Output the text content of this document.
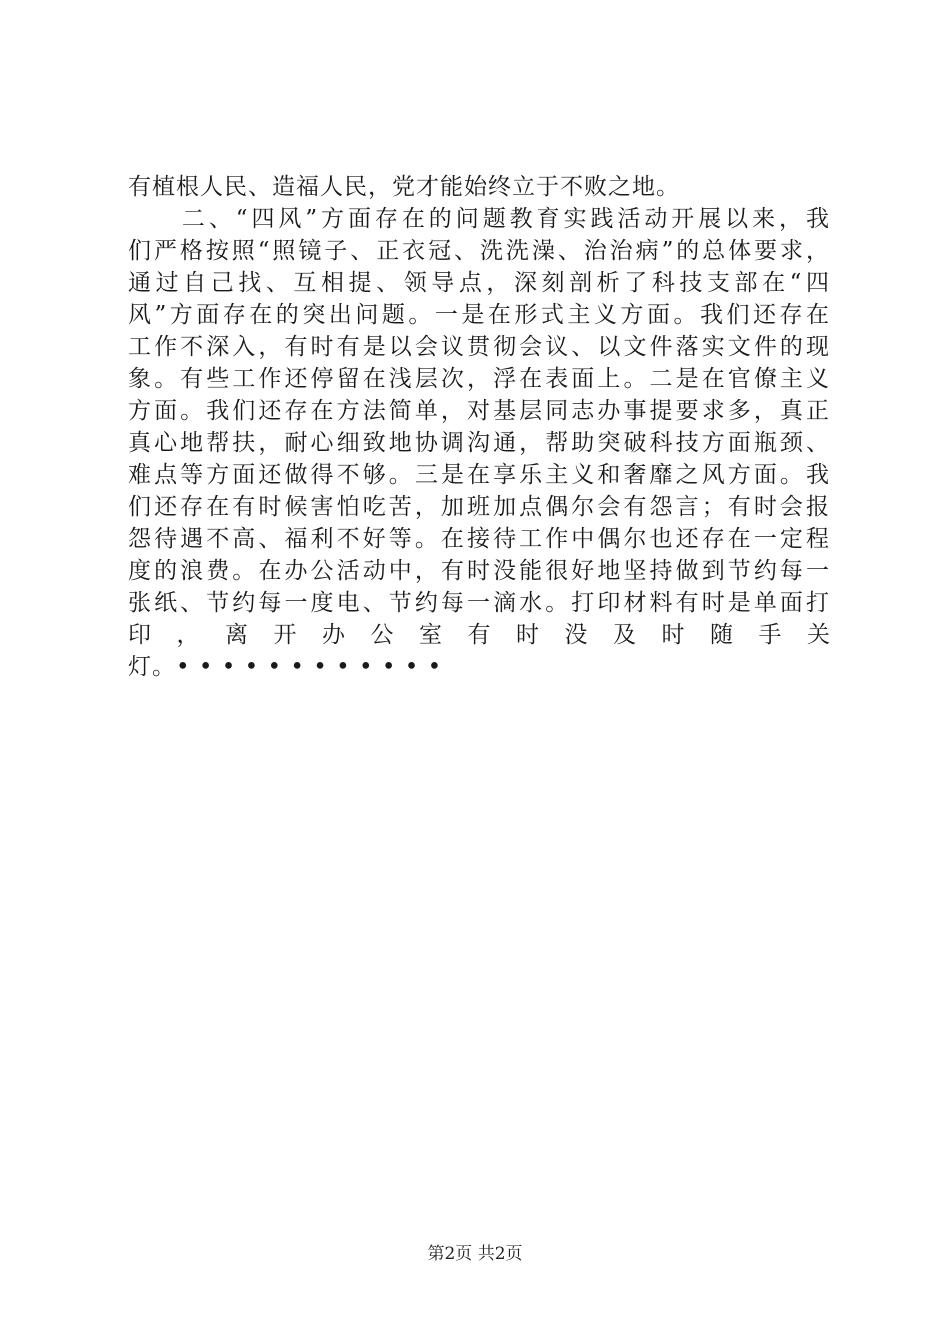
有植根人民、造福人民，党才能始终立于不败之地。
　　二、“四风”方面存在的问题教育实践活动开展以来，我
们严格按照“照镜子、正衣冠、洗洗澡、治治病”的总体要求，
通过自己找、互相提、领导点，深刻剖析了科技支部在“四
风”方面存在的突出问题。一是在形式主义方面。我们还存在
工作不深入，有时有是以会议贯彻会议、以文件落实文件的现
象。有些工作还停留在浅层次，浮在表面上。二是在官僚主义
方面。我们还存在方法简单，对基层同志办事提要求多，真正
真心地帮扶，耐心细致地协调沟通，帮助突破科技方面瓶颈、
难点等方面还做得不够。三是在享乐主义和奢靡之风方面。我
们还存在有时候害怕吃苦，加班加点偶尔会有怨言；有时会报
怨待遇不高、福利不好等。在接待工作中偶尔也还存在一定程
度的浪费。在办公活动中，有时没能很好地坚持做到节约每一
张纸、节约每一度电、节约每一滴水。打印材料有时是单面打
印 ， 离 开 办 公 室 有 时 没 及 时 随 手 关
灯。• • • • • • • • • • • •
第2页 共2页
